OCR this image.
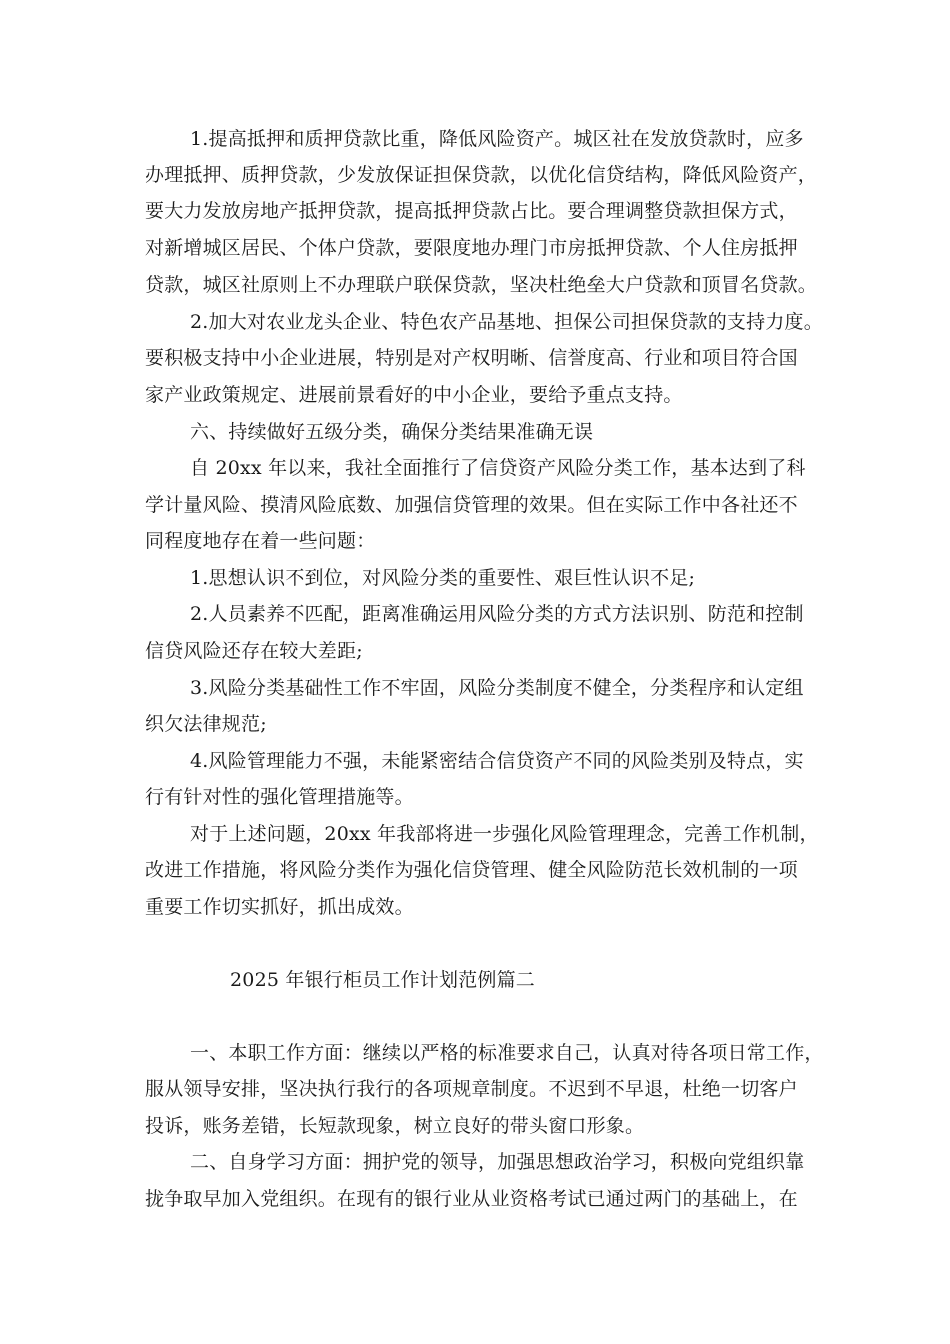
1.提高抵押和质押贷款比重，降低风险资产。城区社在发放贷款时，应多
办理抵押、质押贷款，少发放保证担保贷款，以优化信贷结构，降低风险资产，
要大力发放房地产抵押贷款，提高抵押贷款占比。要合理调整贷款担保方式，
对新增城区居民、个体户贷款，要限度地办理门市房抵押贷款、个人住房抵押
贷款，城区社原则上不办理联户联保贷款，坚决杜绝垒大户贷款和顶冒名贷款。
2.加大对农业龙头企业、特色农产品基地、担保公司担保贷款的支持力度。
要积极支持中小企业进展，特别是对产权明晰、信誉度高、行业和项目符合国
家产业政策规定、进展前景看好的中小企业，要给予重点支持。
六、持续做好五级分类，确保分类结果准确无误
自 20xx 年以来，我社全面推行了信贷资产风险分类工作，基本达到了科
学计量风险、摸清风险底数、加强信贷管理的效果。但在实际工作中各社还不
同程度地存在着一些问题：
1.思想认识不到位，对风险分类的重要性、艰巨性认识不足;
2.人员素养不匹配，距离准确运用风险分类的方式方法识别、防范和控制
信贷风险还存在较大差距;
3.风险分类基础性工作不牢固，风险分类制度不健全，分类程序和认定组
织欠法律规范;
4.风险管理能力不强，未能紧密结合信贷资产不同的风险类别及特点，实
行有针对性的强化管理措施等。
对于上述问题，20xx 年我部将进一步强化风险管理理念，完善工作机制，
改进工作措施，将风险分类作为强化信贷管理、健全风险防范长效机制的一项
重要工作切实抓好，抓出成效。
2025 年银行柜员工作计划范例篇二
一、本职工作方面：继续以严格的标准要求自己，认真对待各项日常工作，
服从领导安排，坚决执行我行的各项规章制度。不迟到不早退，杜绝一切客户
投诉，账务差错，长短款现象，树立良好的带头窗口形象。
二、自身学习方面：拥护党的领导，加强思想政治学习，积极向党组织靠
拢争取早加入党组织。在现有的银行业从业资格考试已通过两门的基础上，在
